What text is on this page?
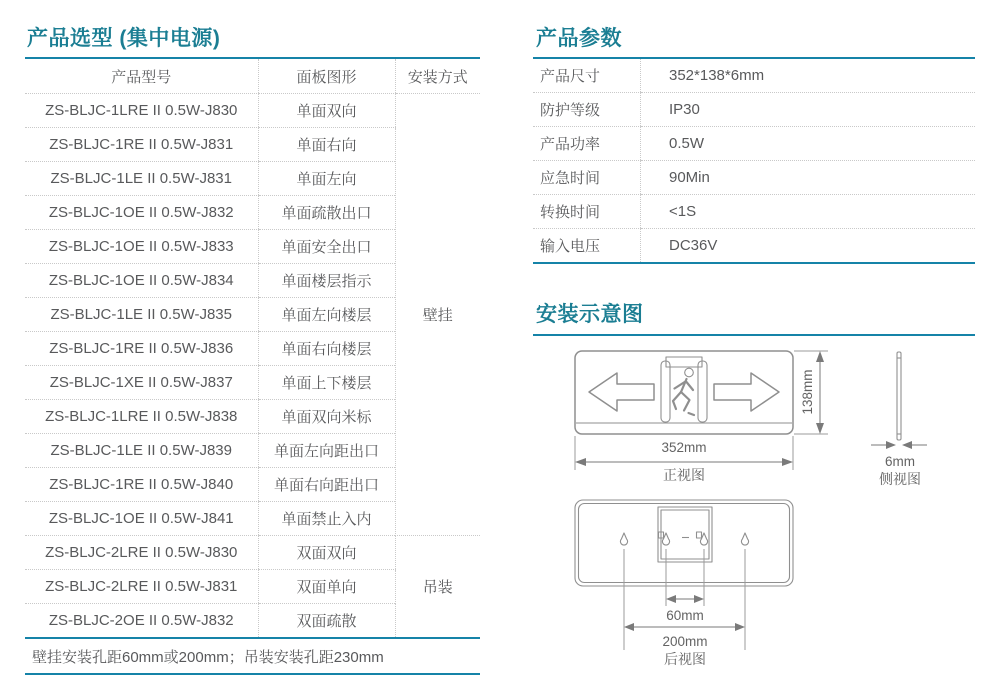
产品选型 (集中电源)
产品型号	面板图形	安装方式
ZS-BLJC-1LRE II 0.5W-J830	单面双向	壁挂
ZS-BLJC-1RE II 0.5W-J831	单面右向	
ZS-BLJC-1LE II 0.5W-J831	单面左向	
ZS-BLJC-1OE II 0.5W-J832	单面疏散出口	
ZS-BLJC-1OE II 0.5W-J833	单面安全出口	
ZS-BLJC-1OE II 0.5W-J834	单面楼层指示	
ZS-BLJC-1LE II 0.5W-J835	单面左向楼层	
ZS-BLJC-1RE II 0.5W-J836	单面右向楼层	
ZS-BLJC-1XE II 0.5W-J837	单面上下楼层	
ZS-BLJC-1LRE II 0.5W-J838	单面双向米标	
ZS-BLJC-1LE II 0.5W-J839	单面左向距出口	
ZS-BLJC-1RE II 0.5W-J840	单面右向距出口	
ZS-BLJC-1OE II 0.5W-J841	单面禁止入内	
ZS-BLJC-2LRE II 0.5W-J830	双面双向	吊装
ZS-BLJC-2LRE II 0.5W-J831	双面单向	
ZS-BLJC-2OE II 0.5W-J832	双面疏散	
壁挂安装孔距60mm或200mm；吊装安装孔距230mm		
产品参数
产品尺寸	352*138*6mm
防护等级	IP30
产品功率	0.5W
应急时间	90Min
转换时间	<1S
输入电压	DC36V
安装示意图
138mm
352mm
正视图
6mm
侧视图
60mm
200mm
后视图
